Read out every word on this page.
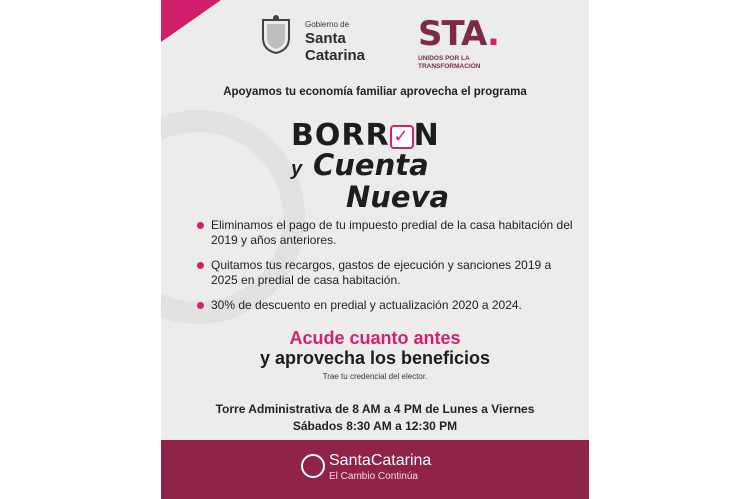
Gobierno de
Santa Catarina
STA.
UNIDOS POR LA TRANSFORMACIÓN
Apoyamos tu economía familiar aprovecha el programa
BORR ✓ N
y Cuenta
Nueva
Eliminamos el pago de tu impuesto predial de la casa habitación del 2019 y años anteriores.
Quitamos tus recargos, gastos de ejecución y sanciones 2019 a 2025 en predial de casa habitación.
30% de descuento en predial y actualización 2020 a 2024.
Acude cuanto antes
y aprovecha los beneficios
Trae tu credencial del elector.
Torre Administrativa de 8 AM a 4 PM de Lunes a Viernes
Sábados 8:30 AM a 12:30 PM
SantaCatarina
El Cambio Continúa
